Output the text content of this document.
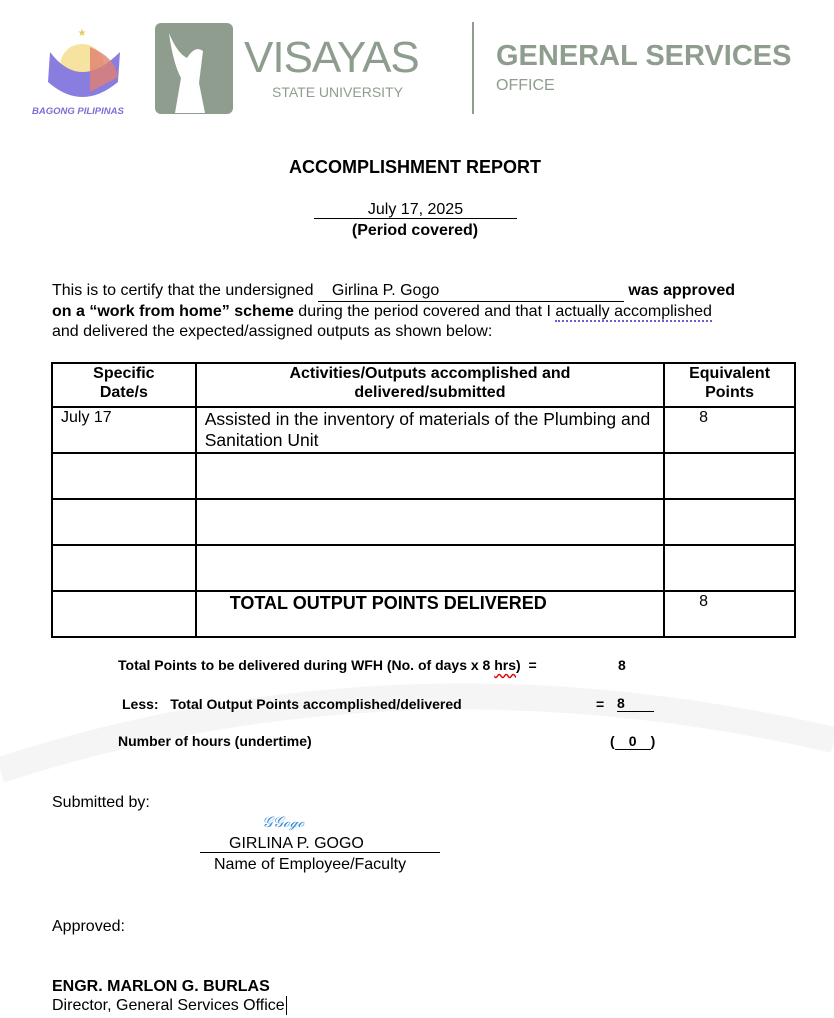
★
BAGONG PILIPINAS
VISAYAS
STATE UNIVERSITY
GENERAL SERVICES
OFFICE
ACCOMPLISHMENT REPORT
July 17, 2025
(Period covered)
This is to certify that the undersigned Girlina P. Gogo	was approved
on a “work from home” scheme during the period covered and that I actually accomplished
and delivered the expected/assigned outputs as shown below:
Specific Date/s	Activities/Outputs accomplished and delivered/submitted	Equivalent Points
July 17	Assisted in the inventory of materials of the Plumbing and Sanitation Unit	8

	TOTAL OUTPUT POINTS DELIVERED	8
Total Points to be delivered during WFH (No. of days x 8 hrs)  =	8
Less:   Total Output Points accomplished/delivered	= 8
Number of hours (undertime)	( 0 )
Submitted by:
𝒢𝒢ℴℊℴ
GIRLINA P. GOGO
Name of Employee/Faculty
Approved:
ENGR. MARLON G. BURLAS
Director, General Services Office
